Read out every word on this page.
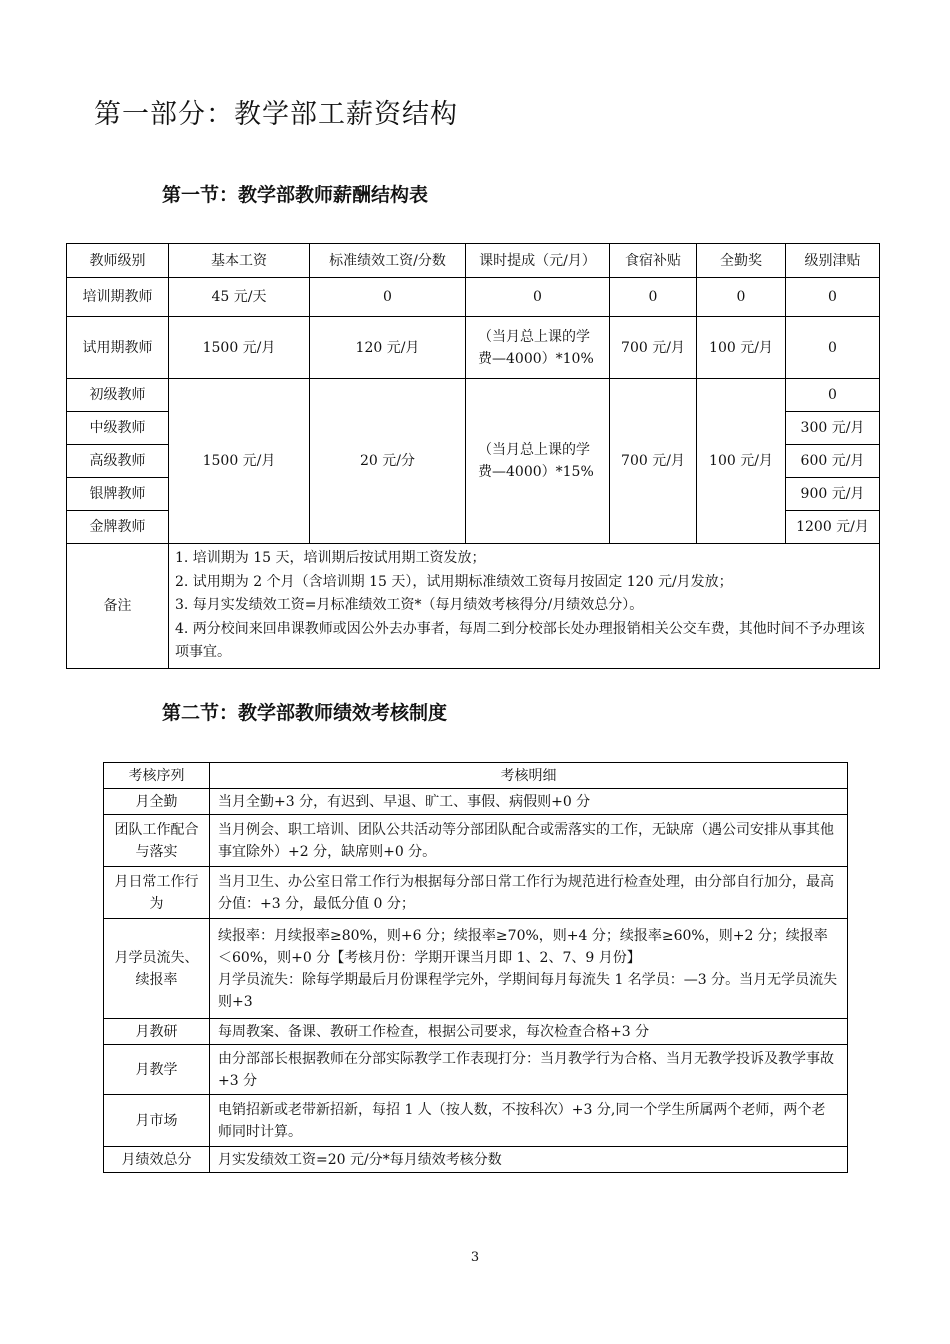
第一部分：教学部工薪资结构
第一节：教学部教师薪酬结构表
教师级别	基本工资	标准绩效工资/分数	课时提成（元/月）	食宿补贴	全勤奖	级别津贴
培训期教师	45 元/天	0	0	0	0	0
试用期教师	1500 元/月	120 元/月	（当月总上课的学费—4000）*10%	700 元/月	100 元/月	0
初级教师	1500 元/月	20 元/分	（当月总上课的学费—4000）*15%	700 元/月	100 元/月	0
中级教师						300 元/月
高级教师						600 元/月
银牌教师						900 元/月
金牌教师						1200 元/月
备注	1. 培训期为 15 天，培训期后按试用期工资发放；
2. 试用期为 2 个月（含培训期 15 天），试用期标准绩效工资每月按固定 120 元/月发放；
3. 每月实发绩效工资=月标准绩效工资*（每月绩效考核得分/月绩效总分）。
4. 两分校间来回串课教师或因公外去办事者，每周二到分校部长处办理报销相关公交车费，其他时间不予办理该项事宜。					
第二节：教学部教师绩效考核制度
考核序列	考核明细
月全勤	当月全勤+3 分，有迟到、早退、旷工、事假、病假则+0 分
团队工作配合与落实	当月例会、职工培训、团队公共活动等分部团队配合或需落实的工作，无缺席（遇公司安排从事其他事宜除外）+2 分，缺席则+0 分。
月日常工作行为	当月卫生、办公室日常工作行为根据每分部日常工作行为规范进行检查处理，由分部自行加分，最高分值：+3 分，最低分值 0 分；
月学员流失、续报率	续报率：月续报率≥80%，则+6 分；续报率≥70%，则+4 分；续报率≥60%，则+2 分；续报率＜60%，则+0 分【考核月份：学期开课当月即 1、2、7、9 月份】
月学员流失：除每学期最后月份课程学完外，学期间每月每流失 1 名学员：—3 分。当月无学员流失则+3

月教研	每周教案、备课、教研工作检查，根据公司要求，每次检查合格+3 分
月教学	由分部部长根据教师在分部实际教学工作表现打分：当月教学行为合格、当月无教学投诉及教学事故+3 分
月市场	电销招新或老带新招新，每招 1 人（按人数，不按科次）+3 分,同一个学生所属两个老师，两个老师同时计算。
月绩效总分	月实发绩效工资=20 元/分*每月绩效考核分数
3
